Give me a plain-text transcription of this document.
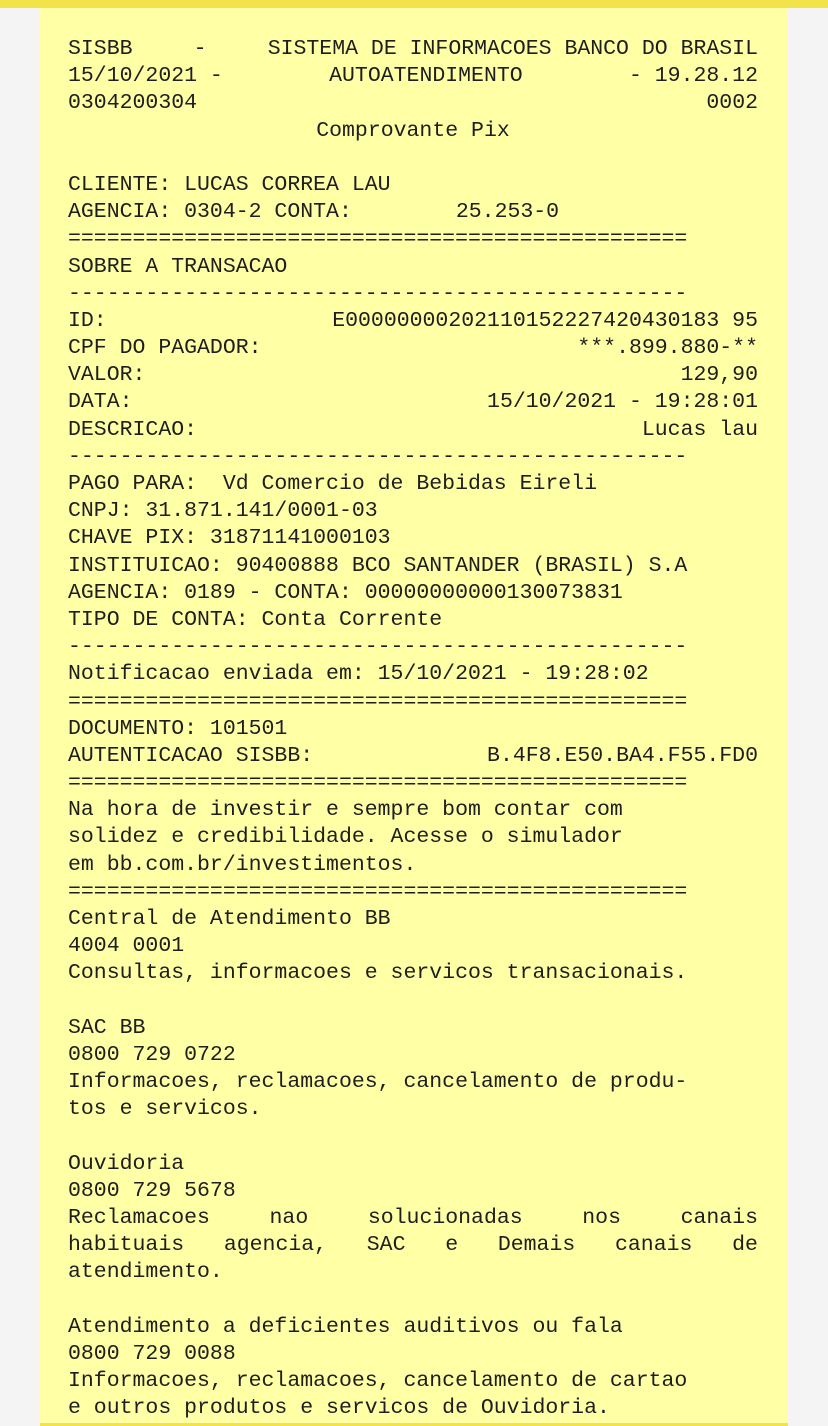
SISBB	-	SISTEMA DE INFORMACOES BANCO DO BRASIL
15/10/2021 -	AUTOATENDIMENTO	- 19.28.12
0304200304	0002
Comprovante Pix
CLIENTE: LUCAS CORREA LAU
AGENCIA: 0304-2 CONTA:	25.253-0
================================================
SOBRE A TRANSACAO
------------------------------------------------
ID:	E00000000202110152227420430183 95
CPF DO PAGADOR:	***.899.880-**
VALOR:	129,90
DATA:	15/10/2021 - 19:28:01
DESCRICAO:	Lucas lau
------------------------------------------------
PAGO PARA:  Vd Comercio de Bebidas Eireli
CNPJ: 31.871.141/0001-03
CHAVE PIX: 31871141000103
INSTITUICAO: 90400888 BCO SANTANDER (BRASIL) S.A
AGENCIA: 0189 - CONTA: 00000000000130073831
TIPO DE CONTA: Conta Corrente
------------------------------------------------
Notificacao enviada em: 15/10/2021 - 19:28:02
================================================
DOCUMENTO: 101501
AUTENTICACAO SISBB:	B.4F8.E50.BA4.F55.FD0
================================================
Na hora de investir e sempre bom contar com
solidez e credibilidade. Acesse o simulador
em bb.com.br/investimentos.
================================================
Central de Atendimento BB
4004 0001
Consultas, informacoes e servicos transacionais.
SAC BB
0800 729 0722
Informacoes, reclamacoes, cancelamento de produ-
tos e servicos.
Ouvidoria
0800 729 5678
Reclamacoes	nao	solucionadas	nos	canais
habituais agencia, SAC e Demais canais de
atendimento.
Atendimento a deficientes auditivos ou fala
0800 729 0088
Informacoes, reclamacoes, cancelamento de cartao
e outros produtos e servicos de Ouvidoria.
